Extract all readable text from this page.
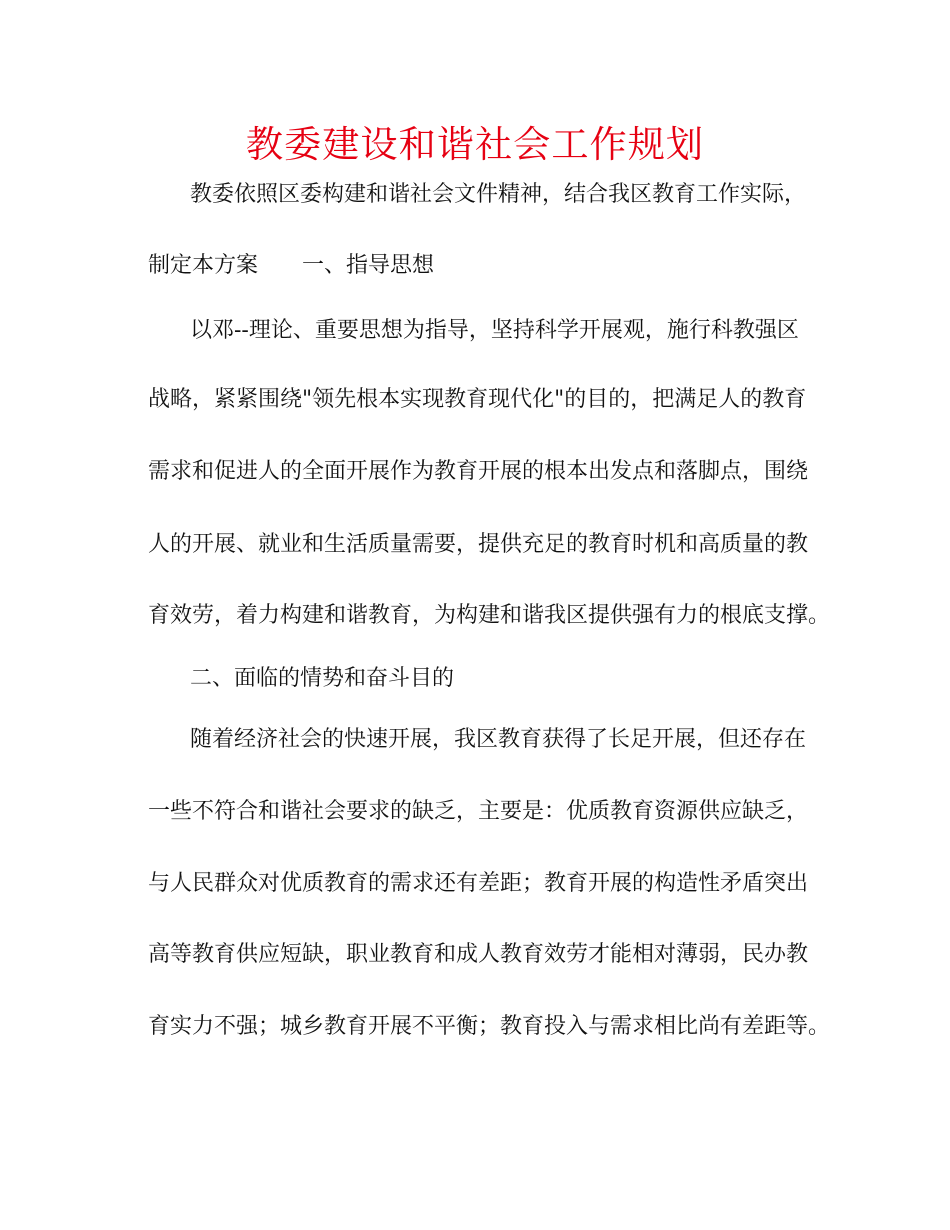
教委建设和谐社会工作规划
教委依照区委构建和谐社会文件精神，结合我区教育工作实际，
制定本方案 一、指导思想
以邓--理论、重要思想为指导，坚持科学开展观，施行科教强区
战略，紧紧围绕"领先根本实现教育现代化"的目的，把满足人的教育
需求和促进人的全面开展作为教育开展的根本出发点和落脚点，围绕
人的开展、就业和生活质量需要，提供充足的教育时机和高质量的教
育效劳，着力构建和谐教育，为构建和谐我区提供强有力的根底支撑。
二、面临的情势和奋斗目的
随着经济社会的快速开展，我区教育获得了长足开展，但还存在
一些不符合和谐社会要求的缺乏，主要是：优质教育资源供应缺乏，
与人民群众对优质教育的需求还有差距；教育开展的构造性矛盾突出
高等教育供应短缺，职业教育和成人教育效劳才能相对薄弱，民办教
育实力不强；城乡教育开展不平衡；教育投入与需求相比尚有差距等。
